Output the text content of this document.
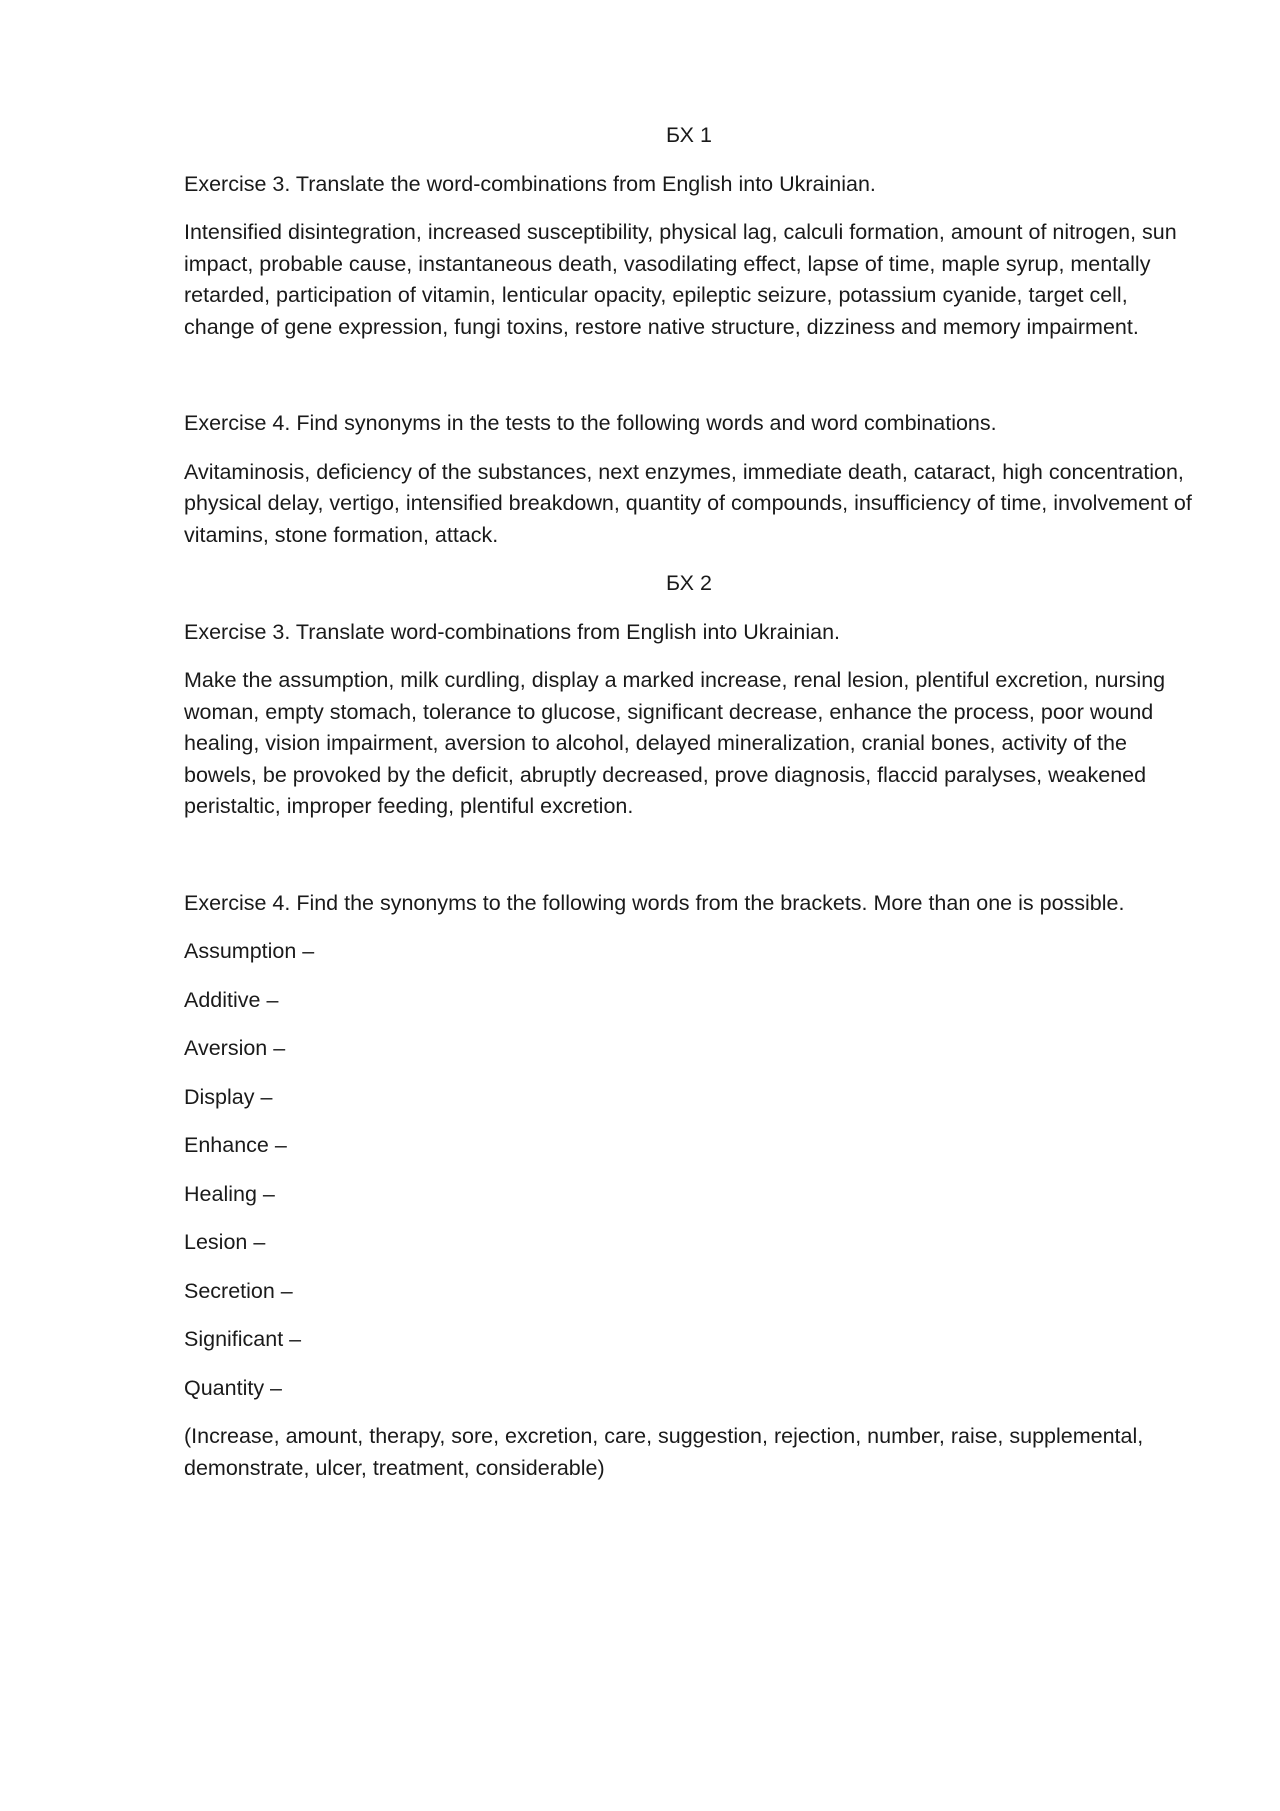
БХ 1
Exercise 3. Translate the word-combinations from English into Ukrainian.
Intensified disintegration, increased susceptibility, physical lag, calculi formation, amount of nitrogen, sun impact, probable cause, instantaneous death, vasodilating effect, lapse of time, maple syrup, mentally retarded, participation of vitamin, lenticular opacity, epileptic seizure, potassium cyanide, target cell, change of gene expression, fungi toxins, restore native structure, dizziness and memory impairment.
Exercise 4. Find synonyms in the tests to the following words and word combinations.
Avitaminosis, deficiency of the substances, next enzymes, immediate death, cataract, high concentration, physical delay, vertigo, intensified breakdown, quantity of compounds, insufficiency of time, involvement of vitamins, stone formation, attack.
БХ 2
Exercise 3. Translate word-combinations from English into Ukrainian.
Make the assumption, milk curdling, display a marked increase, renal lesion, plentiful excretion, nursing woman, empty stomach, tolerance to glucose, significant decrease, enhance the process, poor wound healing, vision impairment, aversion to alcohol, delayed mineralization, cranial bones, activity of the bowels, be provoked by the deficit, abruptly decreased, prove diagnosis, flaccid paralyses, weakened peristaltic, improper feeding, plentiful excretion.
Exercise 4. Find the synonyms to the following words from the brackets. More than one is possible.
Assumption –
Additive –
Aversion –
Display –
Enhance –
Healing –
Lesion –
Secretion –
Significant –
Quantity –
(Increase, amount, therapy, sore, excretion, care, suggestion, rejection, number, raise, supplemental, demonstrate, ulcer, treatment, considerable)
